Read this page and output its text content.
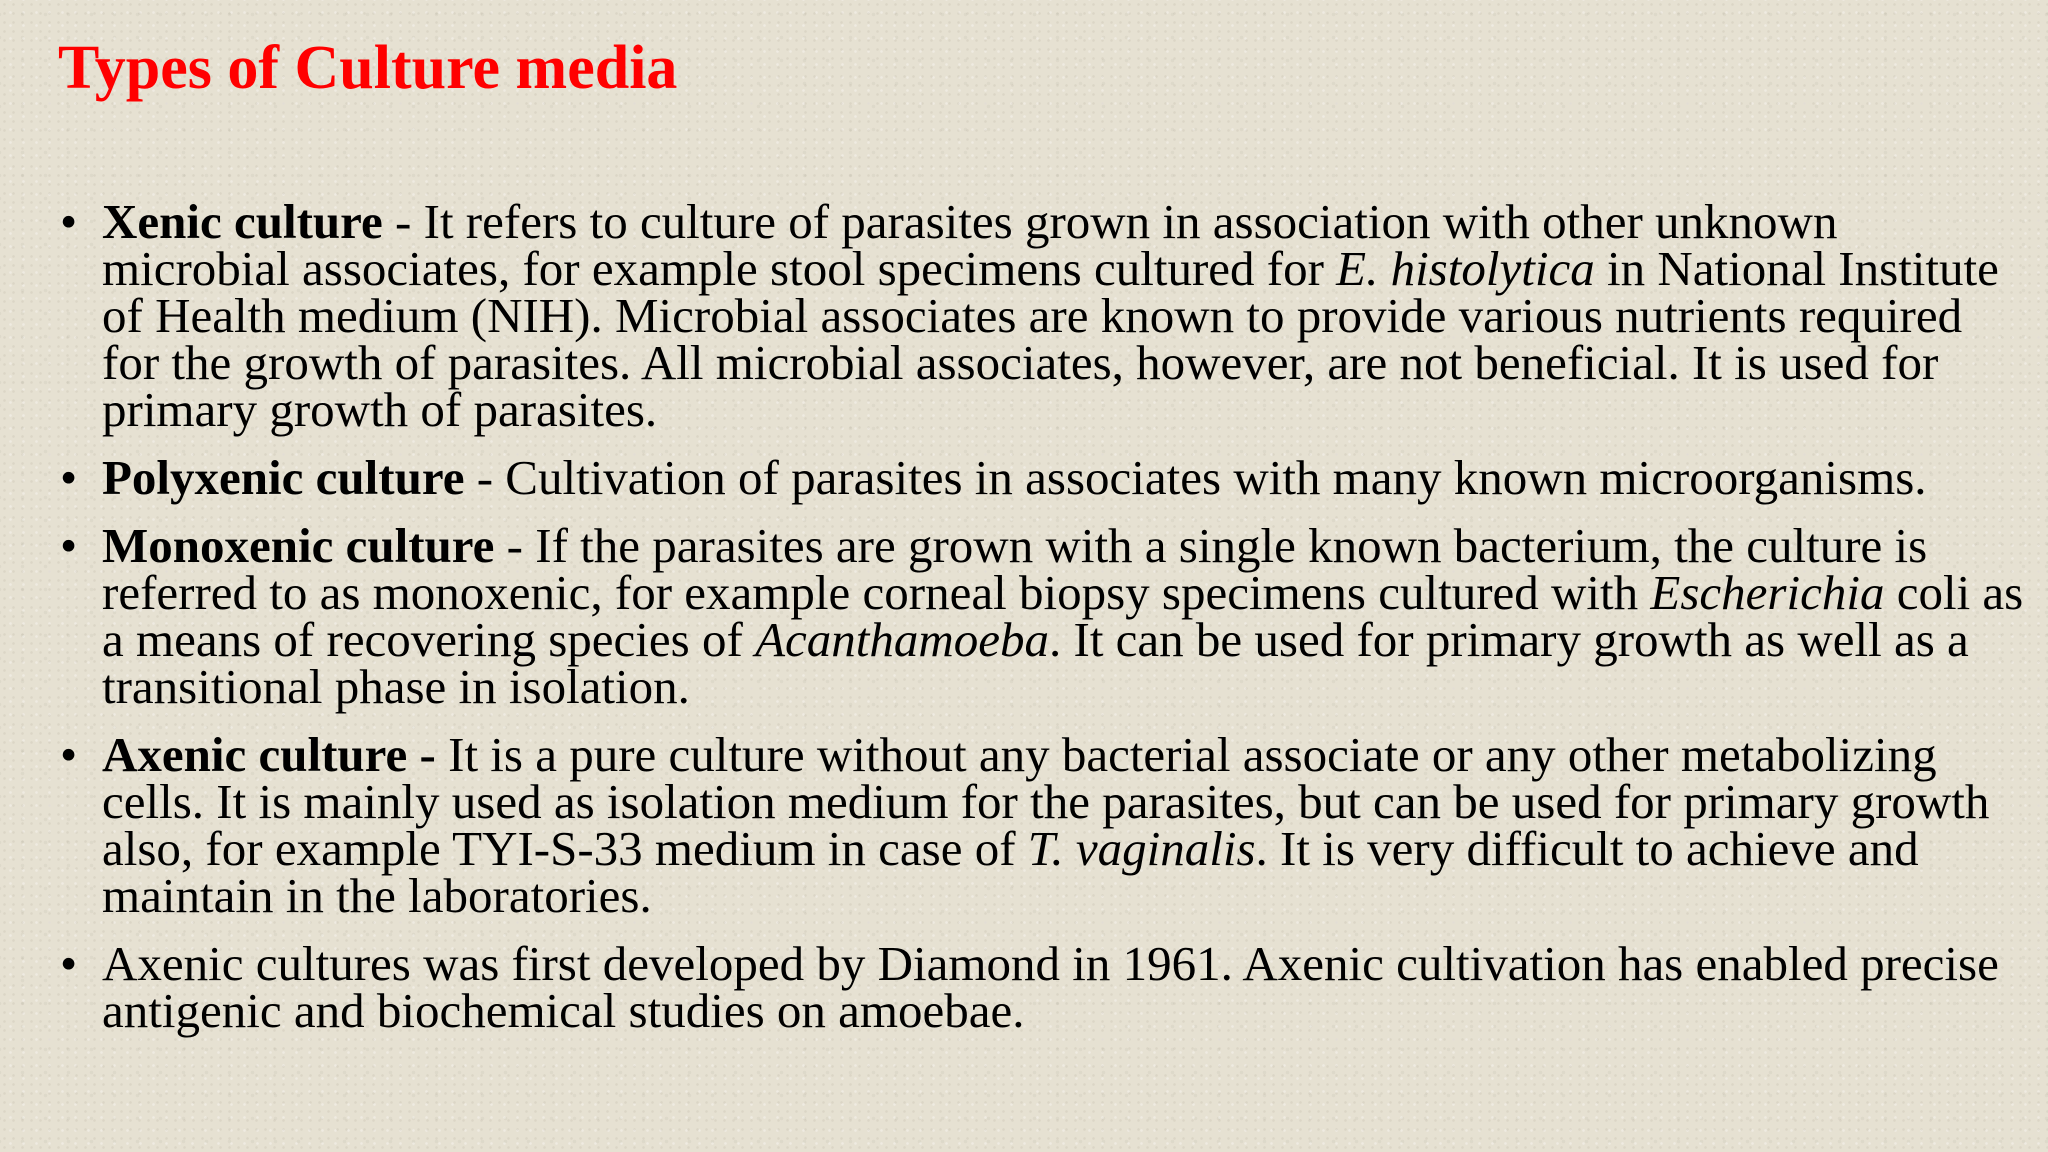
Types of Culture media
• Xenic culture - It refers to culture of parasites grown in association with other unknown microbial associates, for example stool specimens cultured for E. histolytica in National Institute of Health medium (NIH). Microbial associates are known to provide various nutrients required for the growth of parasites. All microbial associates, however, are not beneficial. It is used for primary growth of parasites.
• Polyxenic culture - Cultivation of parasites in associates with many known microorganisms.
• Monoxenic culture - If the parasites are grown with a single known bacterium, the culture is referred to as monoxenic, for example corneal biopsy specimens cultured with Escherichia coli as a means of recovering species of Acanthamoeba. It can be used for primary growth as well as a transitional phase in isolation.
• Axenic culture - It is a pure culture without any bacterial associate or any other metabolizing cells. It is mainly used as isolation medium for the parasites, but can be used for primary growth also, for example TYI-S-33 medium in case of T. vaginalis. It is very difficult to achieve and maintain in the laboratories.
• Axenic cultures was first developed by Diamond in 1961. Axenic cultivation has enabled precise antigenic and biochemical studies on amoebae.
